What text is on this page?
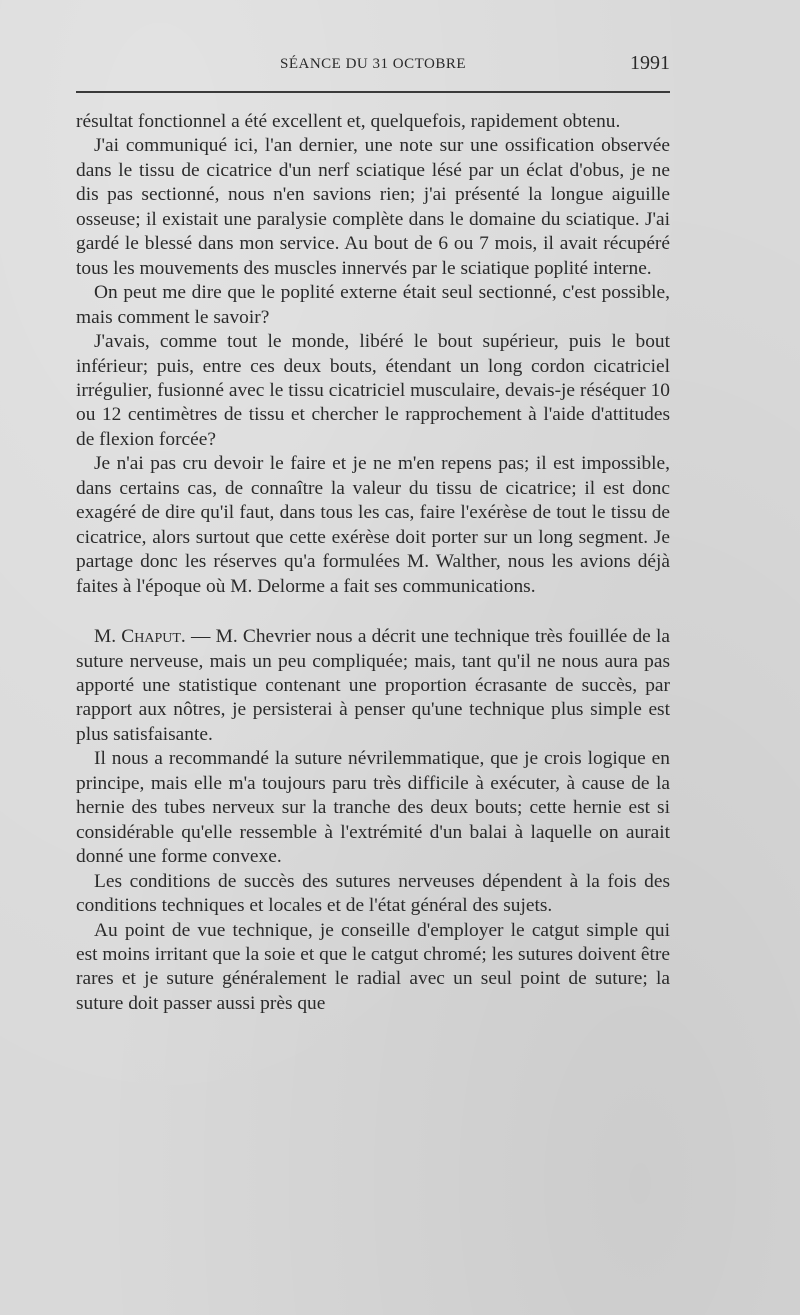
SÉANCE DU 31 OCTOBRE	1991

résultat fonctionnel a été excellent et, quelquefois, rapidement obtenu.

J'ai communiqué ici, l'an dernier, une note sur une ossification observée dans le tissu de cicatrice d'un nerf sciatique lésé par un éclat d'obus, je ne dis pas sectionné, nous n'en savions rien; j'ai présenté la longue aiguille osseuse; il existait une paralysie complète dans le domaine du sciatique. J'ai gardé le blessé dans mon service. Au bout de 6 ou 7 mois, il avait récupéré tous les mouvements des muscles innervés par le sciatique poplité interne.

On peut me dire que le poplité externe était seul sectionné, c'est possible, mais comment le savoir?

J'avais, comme tout le monde, libéré le bout supérieur, puis le bout inférieur; puis, entre ces deux bouts, étendant un long cordon cicatriciel irrégulier, fusionné avec le tissu cicatriciel musculaire, devais-je réséquer 10 ou 12 centimètres de tissu et chercher le rapprochement à l'aide d'attitudes de flexion forcée?

Je n'ai pas cru devoir le faire et je ne m'en repens pas; il est impossible, dans certains cas, de connaître la valeur du tissu de cicatrice; il est donc exagéré de dire qu'il faut, dans tous les cas, faire l'exérèse de tout le tissu de cicatrice, alors surtout que cette exérèse doit porter sur un long segment. Je partage donc les réserves qu'a formulées M. Walther, nous les avions déjà faites à l'époque où M. Delorme a fait ses communications.

M. Chaput. — M. Chevrier nous a décrit une technique très fouillée de la suture nerveuse, mais un peu compliquée; mais, tant qu'il ne nous aura pas apporté une statistique contenant une proportion écrasante de succès, par rapport aux nôtres, je persisterai à penser qu'une technique plus simple est plus satisfaisante.

Il nous a recommandé la suture névrilemmatique, que je crois logique en principe, mais elle m'a toujours paru très difficile à exécuter, à cause de la hernie des tubes nerveux sur la tranche des deux bouts; cette hernie est si considérable qu'elle ressemble à l'extrémité d'un balai à laquelle on aurait donné une forme convexe.

Les conditions de succès des sutures nerveuses dépendent à la fois des conditions techniques et locales et de l'état général des sujets.

Au point de vue technique, je conseille d'employer le catgut simple qui est moins irritant que la soie et que le catgut chromé; les sutures doivent être rares et je suture généralement le radial avec un seul point de suture; la suture doit passer aussi près que
